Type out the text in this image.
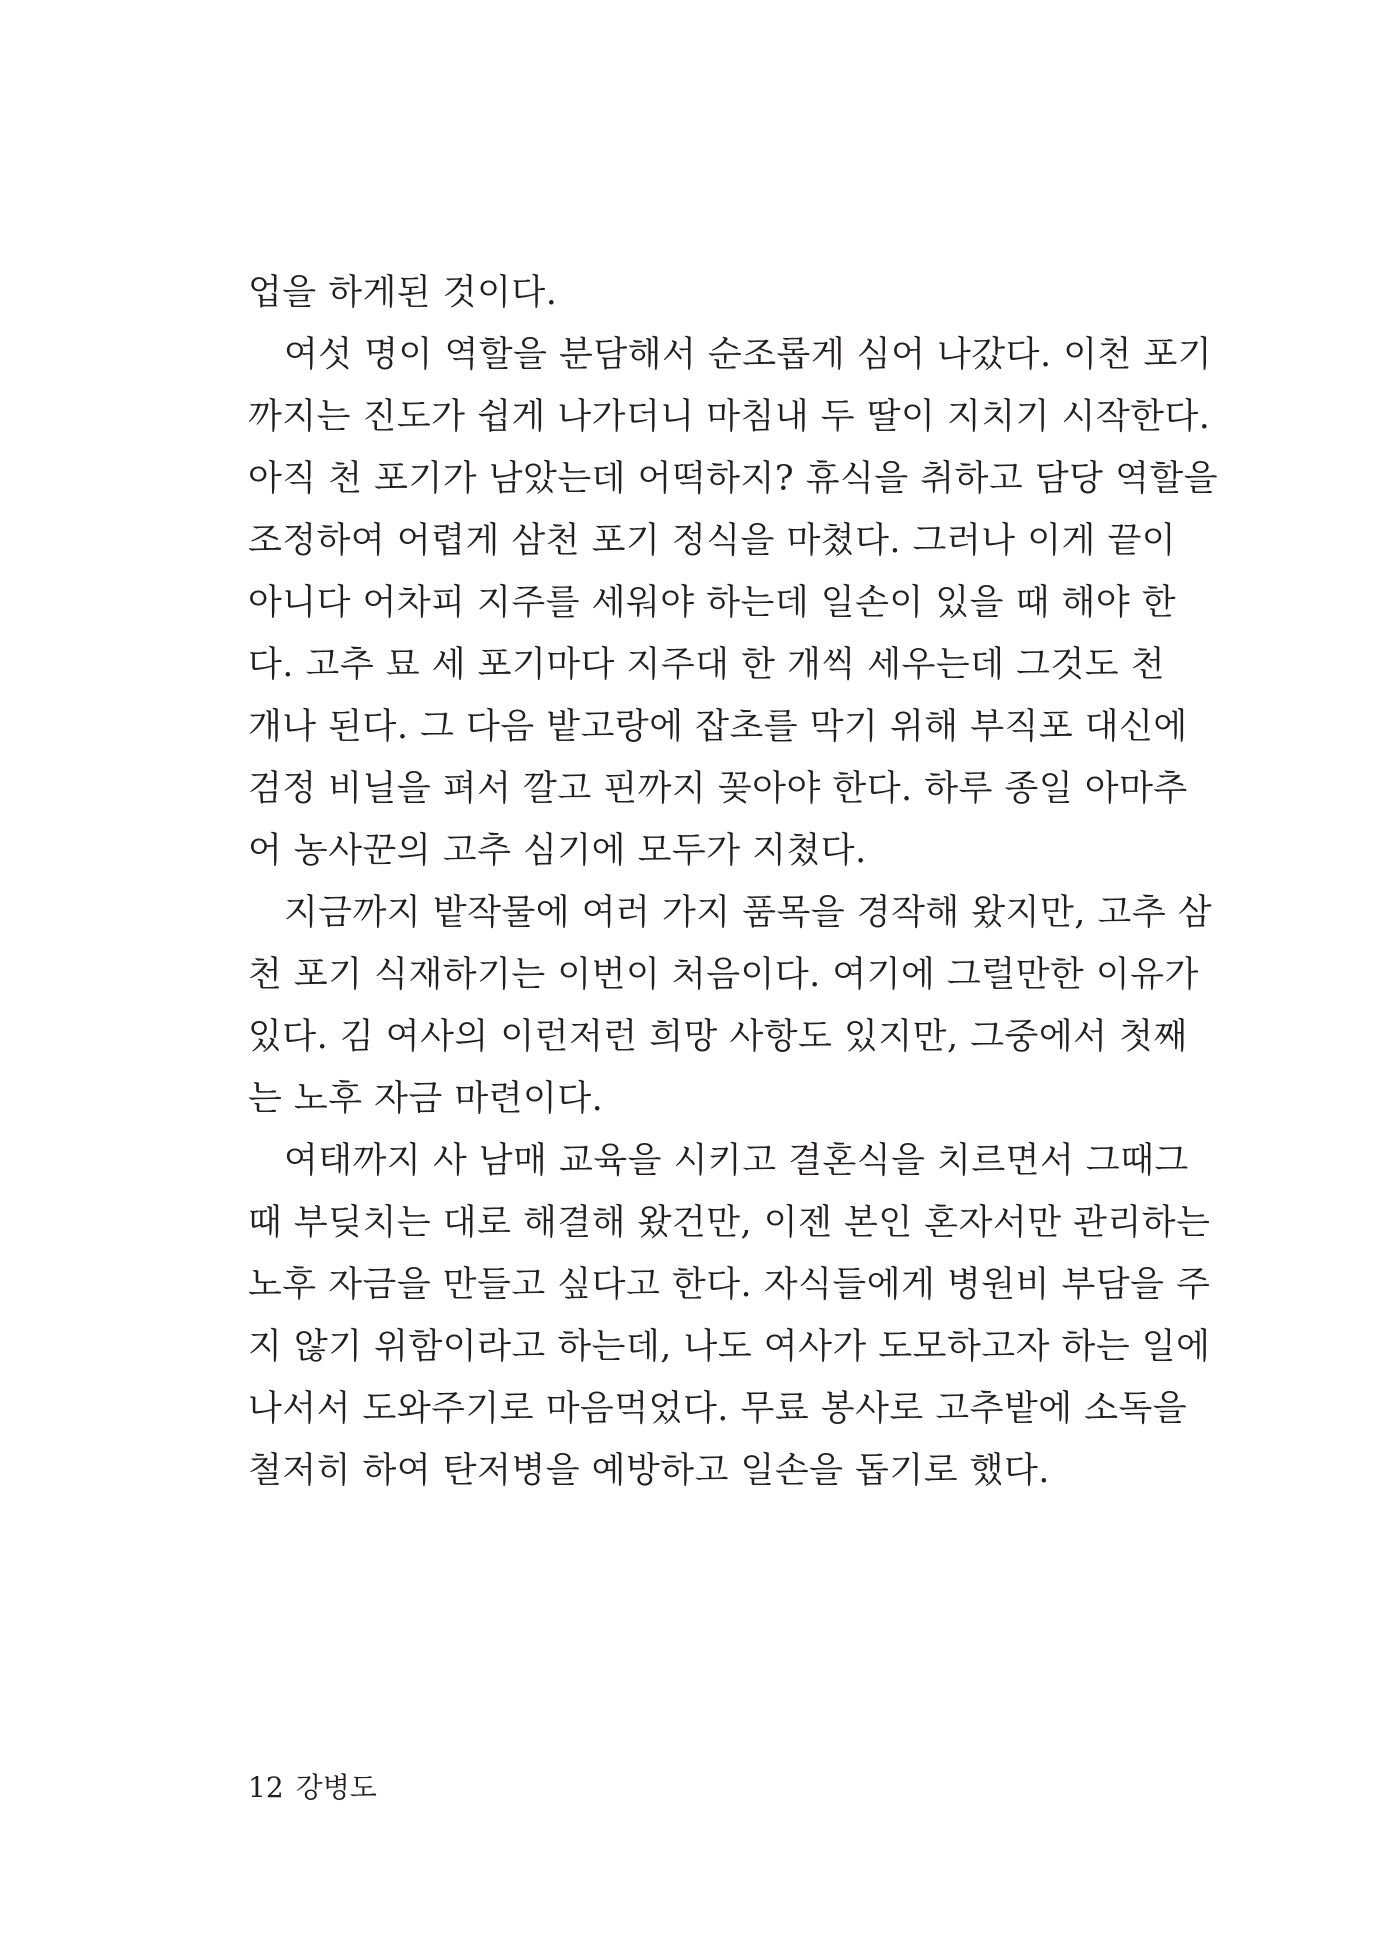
업을 하게된 것이다.
여섯 명이 역할을 분담해서 순조롭게 심어 나갔다. 이천 포기
까지는 진도가 쉽게 나가더니 마침내 두 딸이 지치기 시작한다.
아직 천 포기가 남았는데 어떡하지? 휴식을 취하고 담당 역할을
조정하여 어렵게 삼천 포기 정식을 마쳤다. 그러나 이게 끝이
아니다 어차피 지주를 세워야 하는데 일손이 있을 때 해야 한
다. 고추 묘 세 포기마다 지주대 한 개씩 세우는데 그것도 천
개나 된다. 그 다음 밭고랑에 잡초를 막기 위해 부직포 대신에
검정 비닐을 펴서 깔고 핀까지 꽂아야 한다. 하루 종일 아마추
어 농사꾼의 고추 심기에 모두가 지쳤다.
지금까지 밭작물에 여러 가지 품목을 경작해 왔지만, 고추 삼
천 포기 식재하기는 이번이 처음이다. 여기에 그럴만한 이유가
있다. 김 여사의 이런저런 희망 사항도 있지만, 그중에서 첫째
는 노후 자금 마련이다.
여태까지 사 남매 교육을 시키고 결혼식을 치르면서 그때그
때 부딪치는 대로 해결해 왔건만, 이젠 본인 혼자서만 관리하는
노후 자금을 만들고 싶다고 한다. 자식들에게 병원비 부담을 주
지 않기 위함이라고 하는데, 나도 여사가 도모하고자 하는 일에
나서서 도와주기로 마음먹었다. 무료 봉사로 고추밭에 소독을
철저히 하여 탄저병을 예방하고 일손을 돕기로 했다.
12 강병도
